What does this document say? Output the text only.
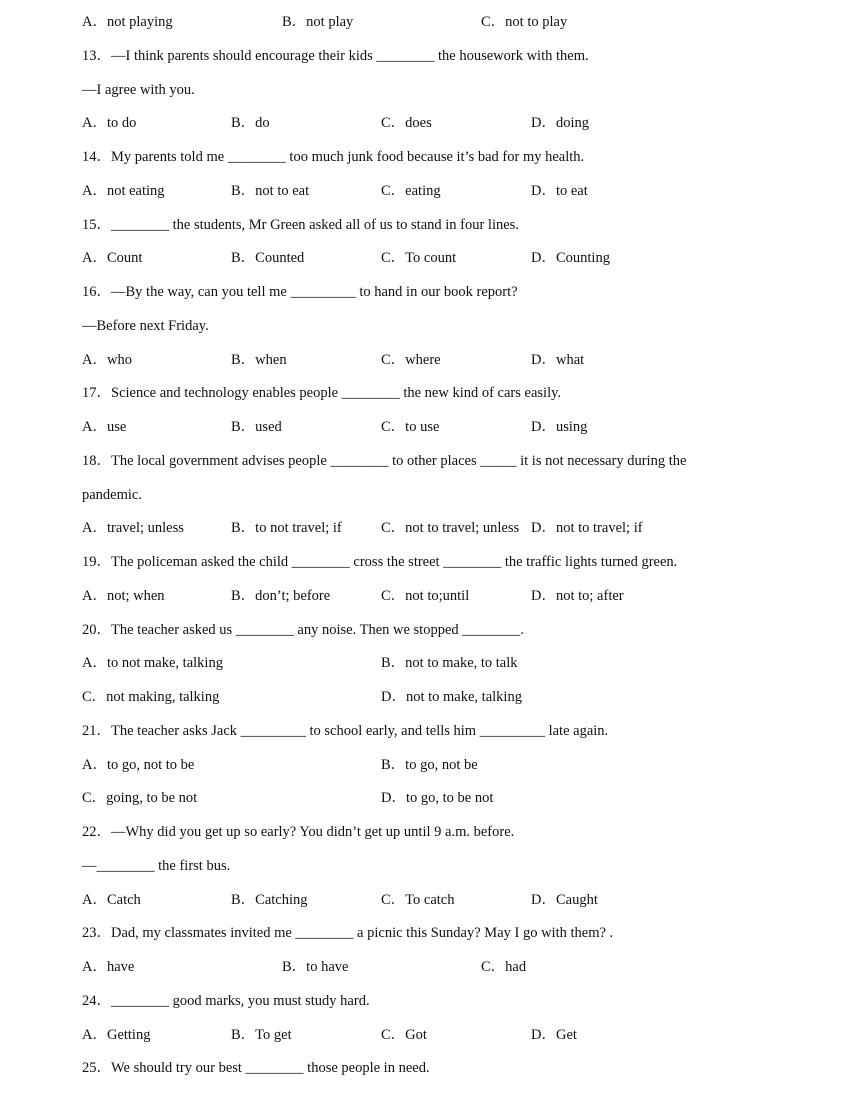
A．not playing	B．not play	C．not to play
13．—I think parents should encourage their kids ________ the housework with them.
—I agree with you.
A．to do	B．do	C．does	D．doing
14．My parents told me ________ too much junk food because it’s bad for my health.
A．not eating	B．not to eat	C．eating	D．to eat
15．________ the students, Mr Green asked all of us to stand in four lines.
A．Count	B．Counted	C．To count	D．Counting
16．—By the way, can you tell me _________ to hand in our book report?
—Before next Friday.
A．who	B．when	C．where	D．what
17．Science and technology enables people ________ the new kind of cars easily.
A．use	B．used	C．to use	D．using
18．The local government advises people ________ to other places _____ it is not necessary during the
pandemic.
A．travel; unless	B．to not travel; if	C．not to travel; unless D．not to travel; if
19．The policeman asked the child ________ cross the street ________ the traffic lights turned green.
A．not; when	B．don’t; before	C．not to;until	D．not to; after
20．The teacher asked us ________ any noise. Then we stopped ________.
A．to not make, talking	B．not to make, to talk
C．not making, talking	D．not to make, talking
21．The teacher asks Jack _________ to school early, and tells him _________ late again.
A．to go, not to be	B．to go, not be
C．going, to be not	D．to go, to be not
22．—Why did you get up so early? You didn’t get up until 9 a.m. before.
—________ the first bus.
A．Catch	B．Catching	C．To catch	D．Caught
23．Dad, my classmates invited me ________ a picnic this Sunday? May I go with them? .
A．have	B．to have	C．had
24．________ good marks, you must study hard.
A．Getting	B．To get	C．Got	D．Get
25．We should try our best ________ those people in need.
